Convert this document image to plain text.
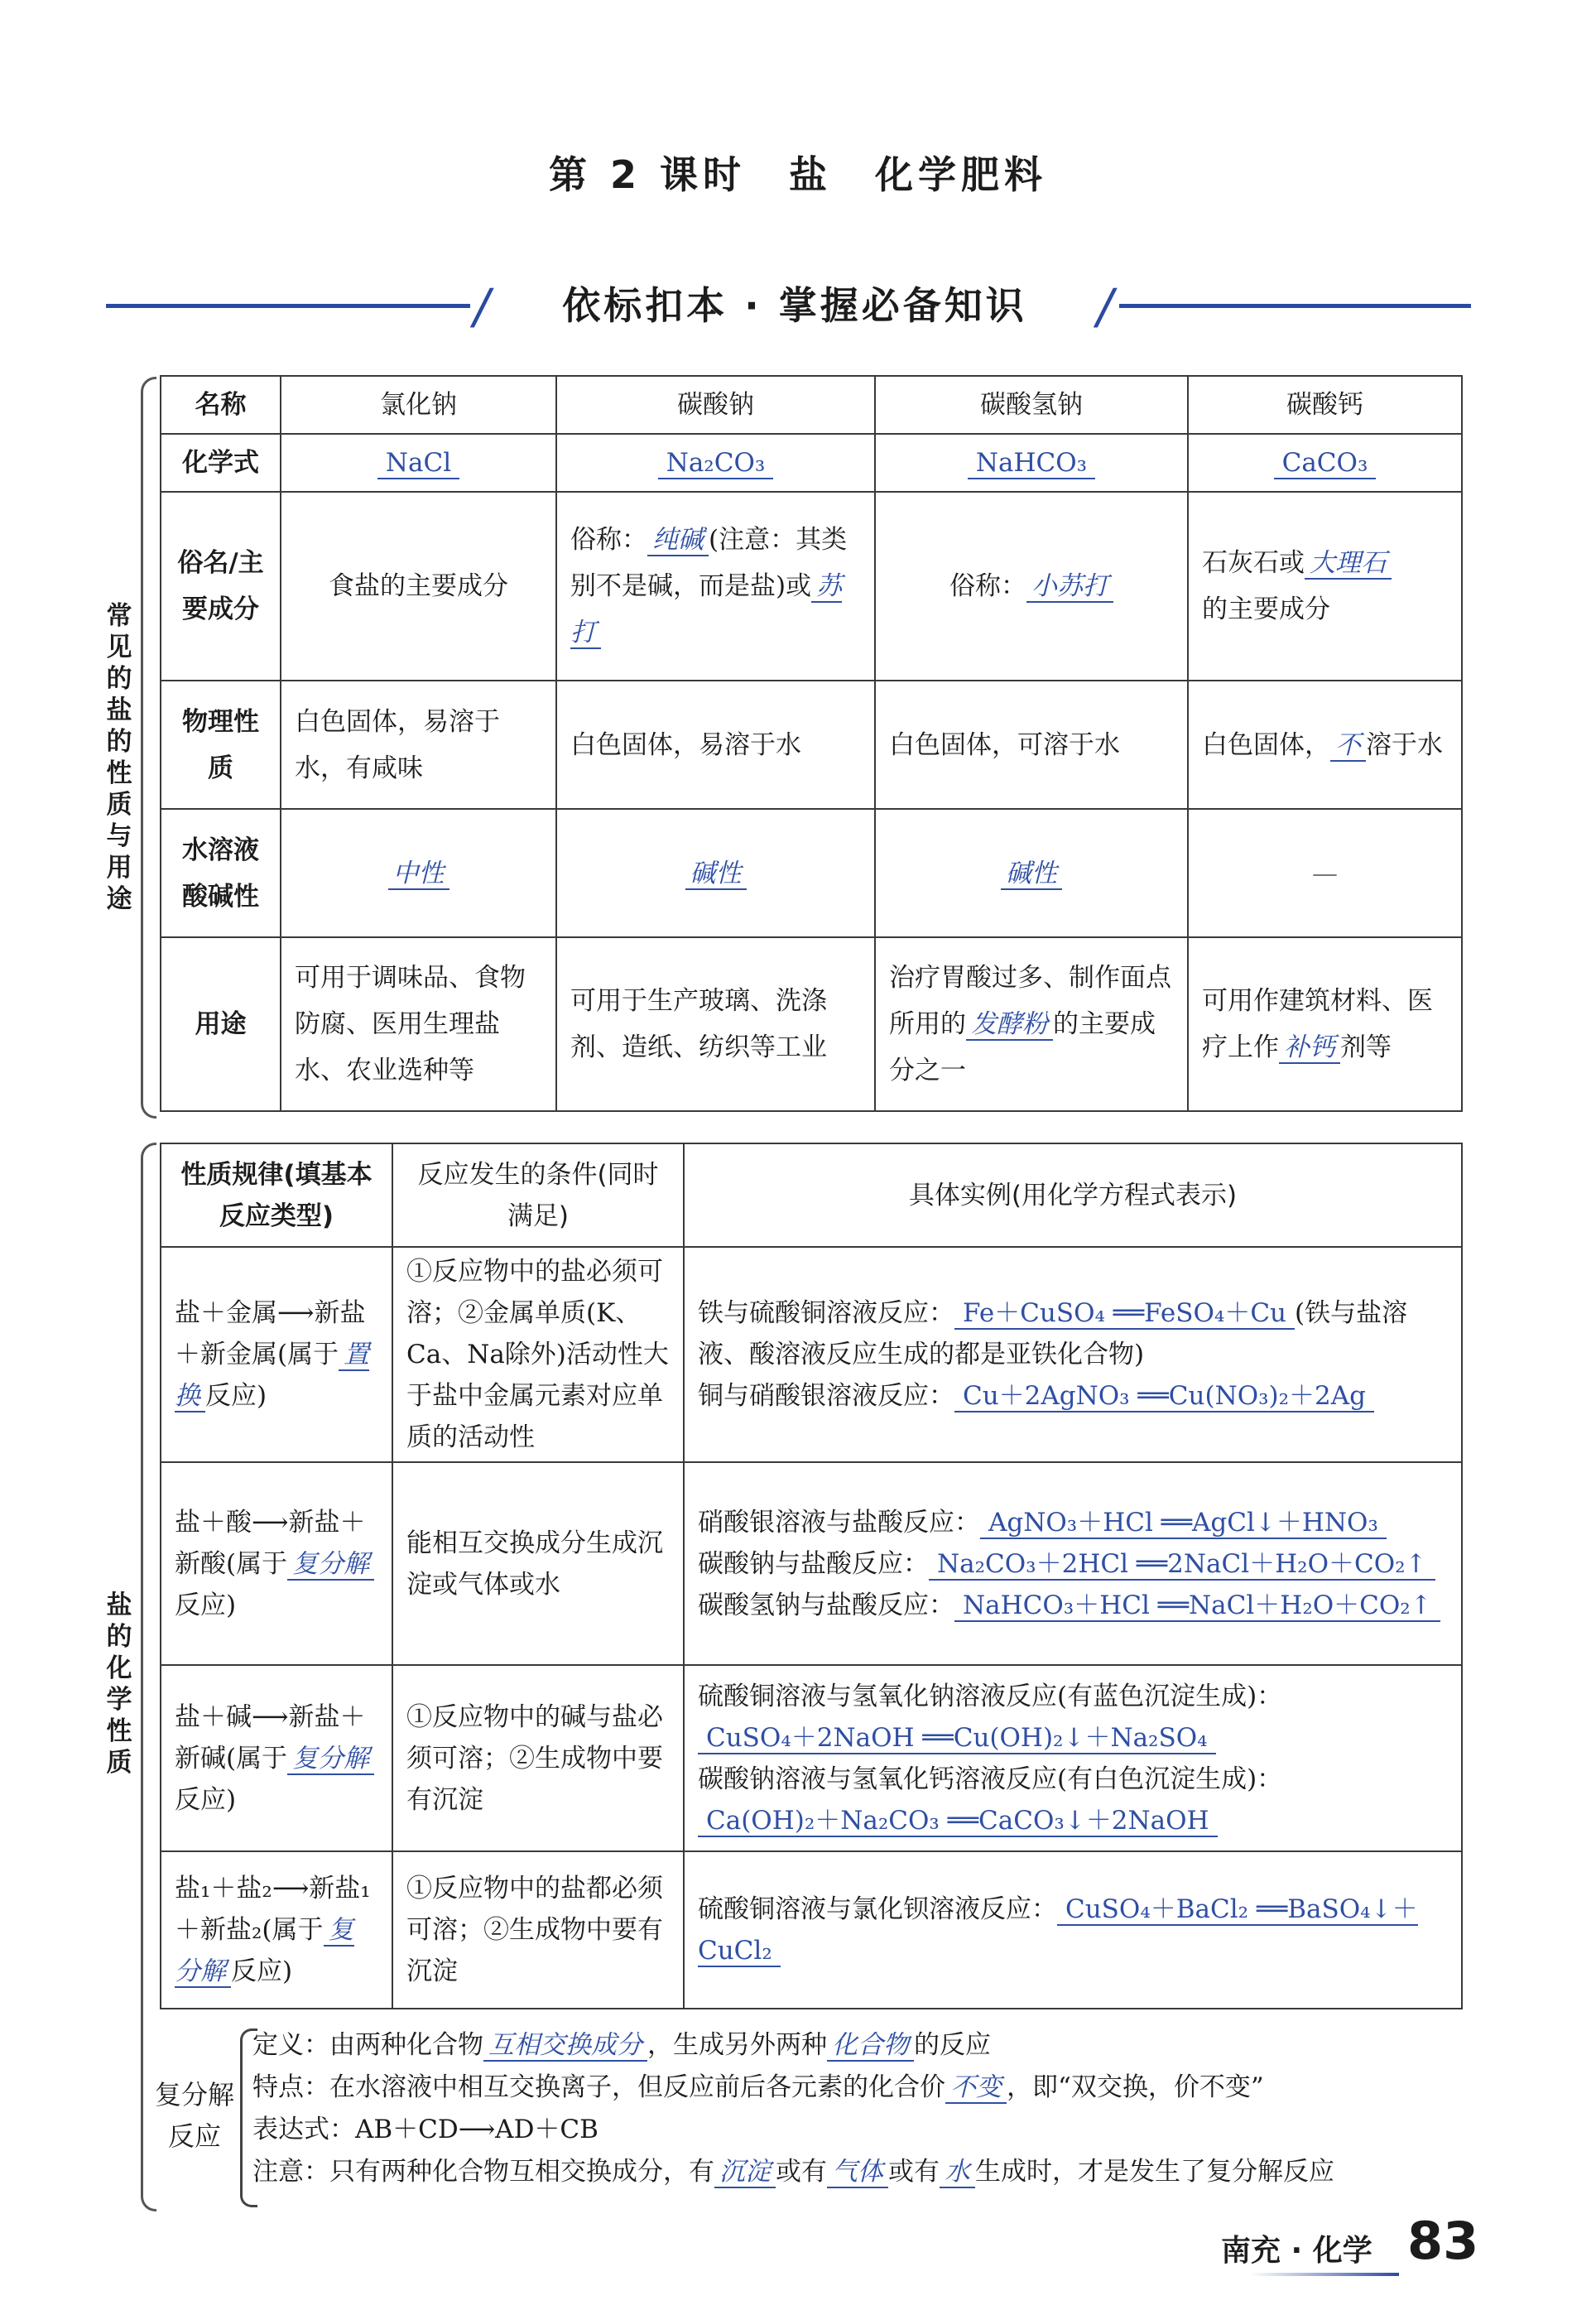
第 2 课时　盐　化学肥料
/	依标扣本 · 掌握必备知识	/
常见的盐的性质与用途
名称	氯化钠	碳酸钠	碳酸氢钠	碳酸钙
化学式	NaCl	Na₂CO₃	NaHCO₃	CaCO₃
俗名/主要成分	食盐的主要成分	俗称： 纯碱 (注意：其类别不是碱，而是盐)或 苏打	俗称： 小苏打	石灰石或 大理石
的主要成分
物理性质	白色固体，易溶于水，有咸味	白色固体，易溶于水	白色固体，可溶于水	白色固体， 不 溶于水
水溶液酸碱性	中性	碱性	碱性	—
用途	可用于调味品、食物防腐、医用生理盐水、农业选种等	可用于生产玻璃、洗涤剂、造纸、纺织等工业	治疗胃酸过多、制作面点所用的 发酵粉 的主要成分之一	可用作建筑材料、医疗上作 补钙 剂等
盐的化学性质
性质规律(填基本反应类型)	反应发生的条件(同时满足)	具体实例(用化学方程式表示)
盐＋金属⟶新盐＋新金属(属于 置换 反应)	①反应物中的盐必须可溶；②金属单质(K、Ca、Na除外)活动性大于盐中金属元素对应单质的活动性	铁与硫酸铜溶液反应： Fe＋CuSO₄ ══FeSO₄＋Cu (铁与盐溶液、酸溶液反应生成的都是亚铁化合物)
铜与硝酸银溶液反应： Cu＋2AgNO₃ ══Cu(NO₃)₂＋2Ag
盐＋酸⟶新盐＋新酸(属于 复分解反应)	能相互交换成分生成沉淀或气体或水	硝酸银溶液与盐酸反应： AgNO₃＋HCl ══AgCl↓＋HNO₃
碳酸钠与盐酸反应： Na₂CO₃＋2HCl ══2NaCl＋H₂O＋CO₂↑
碳酸氢钠与盐酸反应： NaHCO₃＋HCl ══NaCl＋H₂O＋CO₂↑
盐＋碱⟶新盐＋新碱(属于 复分解反应)	①反应物中的碱与盐必须可溶；②生成物中要有沉淀	硫酸铜溶液与氢氧化钠溶液反应(有蓝色沉淀生成)：
CuSO₄＋2NaOH ══Cu(OH)₂↓＋Na₂SO₄
碳酸钠溶液与氢氧化钙溶液反应(有白色沉淀生成)：
Ca(OH)₂＋Na₂CO₃ ══CaCO₃↓＋2NaOH
盐₁＋盐₂⟶新盐₁＋新盐₂(属于 复分解 反应)	①反应物中的盐都必须可溶；②生成物中要有沉淀	硫酸铜溶液与氯化钡溶液反应： CuSO₄＋BaCl₂ ══BaSO₄↓＋CuCl₂
复分解反应
定义：由两种化合物 互相交换成分 ，生成另外两种 化合物 的反应
特点：在水溶液中相互交换离子，但反应前后各元素的化合价 不变 ，即“双交换，价不变”
表达式：AB＋CD⟶AD＋CB
注意：只有两种化合物互相交换成分，有 沉淀 或有 气体 或有 水 生成时，才是发生了复分解反应
南充 · 化学 83
